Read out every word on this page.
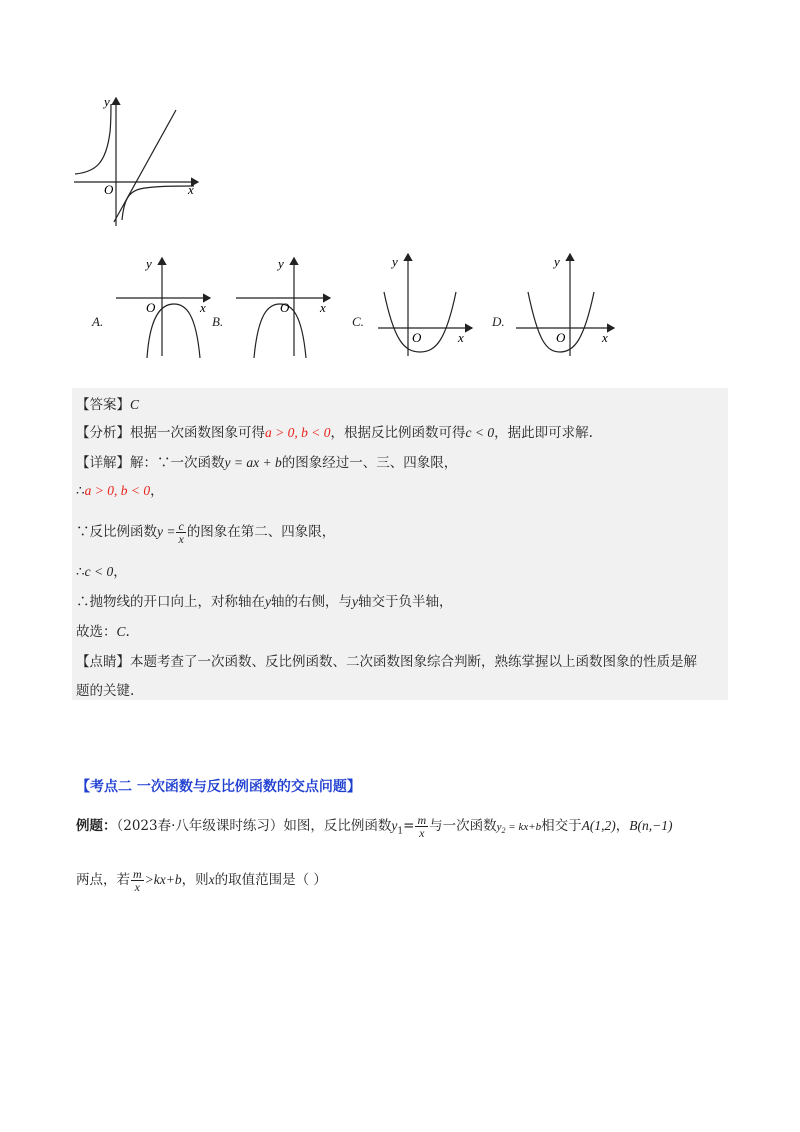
y
x
O
A.
y
x
O
B.
y
x
O
C.
y
x
O
D.
y
x
O
【答案】C
【分析】根据一次函数图象可得a > 0, b < 0，根据反比例函数可得c < 0，据此即可求解.
【详解】解：∵一次函数y = ax + b的图象经过一、三、四象限，
∴a > 0, b < 0，
∵反比例函数$y = \frac{c}{x}$ 的图象在第二、四象限，
∴c < 0，
∴抛物线的开口向上，对称轴在y轴的右侧，与y轴交于负半轴，
故选：C.
【点睛】本题考查了一次函数、反比例函数、二次函数图象综合判断，熟练掌握以上函数图象的性质是解
题的关键.
【考点二 一次函数与反比例函数的交点问题】
例题：（2023春·八年级课时练习）如图，反比例函数$y_1= \frac{m}{x}$ 与一次函数$y_2 = kx+b$相交于A(1,2)，B(n,−1)
两点，若 $\frac{m}{x} >kx+b$，则x的取值范围是（ ）
